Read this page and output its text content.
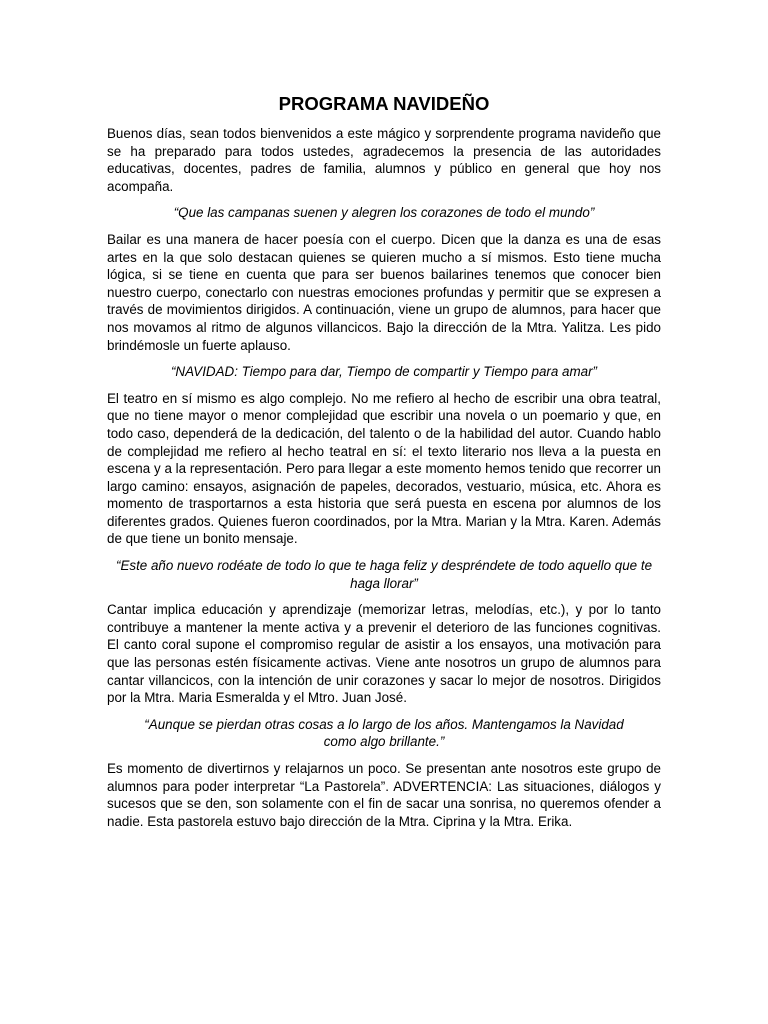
PROGRAMA NAVIDEÑO

Buenos días, sean todos bienvenidos a este mágico y sorprendente programa navideño que se ha preparado para todos ustedes, agradecemos la presencia de las autoridades educativas, docentes, padres de familia, alumnos y público en general que hoy nos acompaña.

“Que las campanas suenen y alegren los corazones de todo el mundo”

Bailar es una manera de hacer poesía con el cuerpo. Dicen que la danza es una de esas artes en la que solo destacan quienes se quieren mucho a sí mismos. Esto tiene mucha lógica, si se tiene en cuenta que para ser buenos bailarines tenemos que conocer bien nuestro cuerpo, conectarlo con nuestras emociones profundas y permitir que se expresen a través de movimientos dirigidos. A continuación, viene un grupo de alumnos, para hacer que nos movamos al ritmo de algunos villancicos. Bajo la dirección de la Mtra. Yalitza. Les pido brindémosle un fuerte aplauso.

“NAVIDAD: Tiempo para dar, Tiempo de compartir y Tiempo para amar”

El teatro en sí mismo es algo complejo. No me refiero al hecho de escribir una obra teatral, que no tiene mayor o menor complejidad que escribir una novela o un poemario y que, en todo caso, dependerá de la dedicación, del talento o de la habilidad del autor. Cuando hablo de complejidad me refiero al hecho teatral en sí: el texto literario nos lleva a la puesta en escena y a la representación. Pero para llegar a este momento hemos tenido que recorrer un largo camino: ensayos, asignación de papeles, decorados, vestuario, música, etc. Ahora es momento de trasportarnos a esta historia que será puesta en escena por alumnos de los diferentes grados. Quienes fueron coordinados, por la Mtra. Marian y la Mtra. Karen. Además de que tiene un bonito mensaje.

“Este año nuevo rodéate de todo lo que te haga feliz y despréndete de todo aquello que te haga llorar”

Cantar implica educación y aprendizaje (memorizar letras, melodías, etc.), y por lo tanto contribuye a mantener la mente activa y a prevenir el deterioro de las funciones cognitivas. El canto coral supone el compromiso regular de asistir a los ensayos, una motivación para que las personas estén físicamente activas. Viene ante nosotros un grupo de alumnos para cantar villancicos, con la intención de unir corazones y sacar lo mejor de nosotros. Dirigidos por la Mtra. Maria Esmeralda y el Mtro. Juan José.

“Aunque se pierdan otras cosas a lo largo de los años. Mantengamos la Navidad como algo brillante.”

Es momento de divertirnos y relajarnos un poco. Se presentan ante nosotros este grupo de alumnos para poder interpretar “La Pastorela”. ADVERTENCIA: Las situaciones, diálogos y sucesos que se den, son solamente con el fin de sacar una sonrisa, no queremos ofender a nadie. Esta pastorela estuvo bajo dirección de la Mtra. Ciprina y la Mtra. Erika.
